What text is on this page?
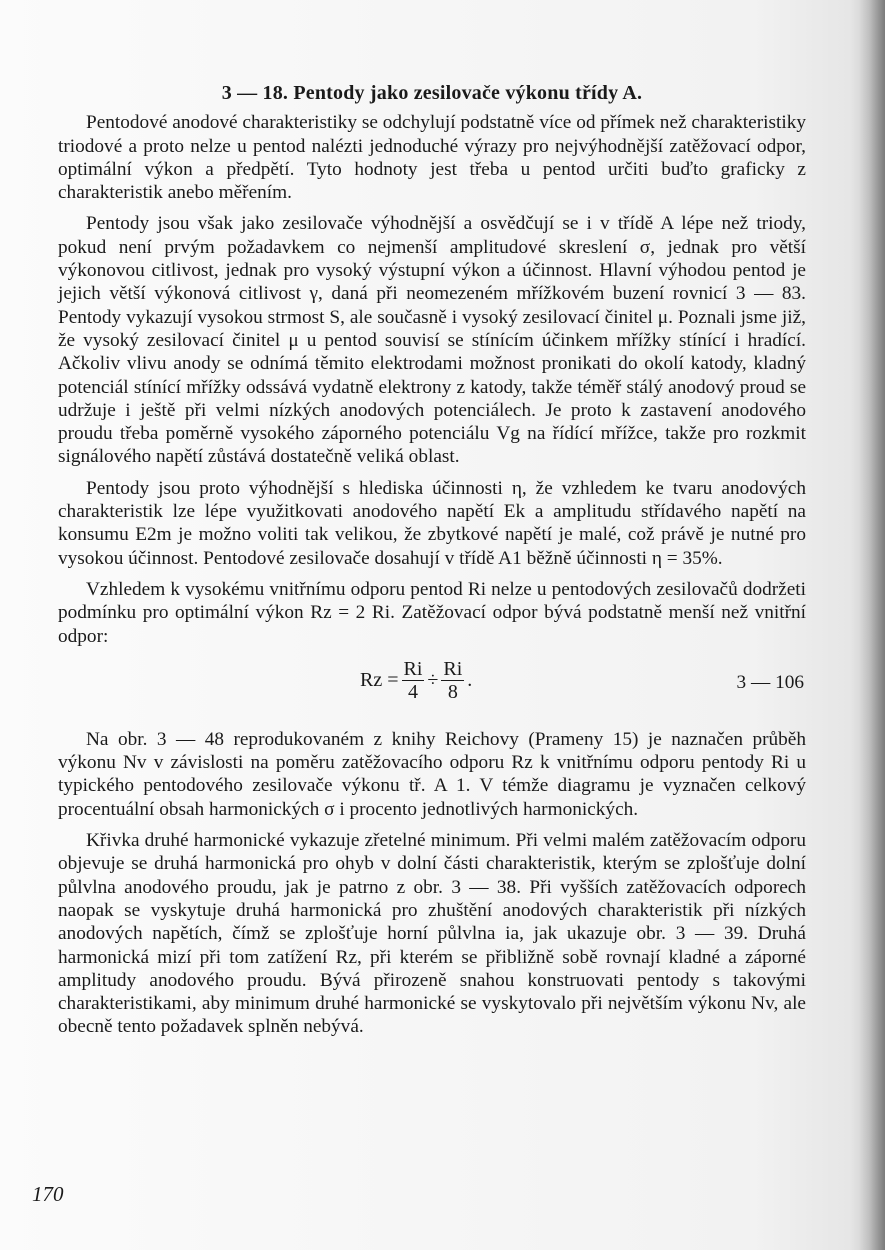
3 — 18. Pentody jako zesilovače výkonu třídy A.

Pentodové anodové charakteristiky se odchylují podstatně více od přímek než charakteristiky triodové a proto nelze u pentod nalézti jednoduché výrazy pro nejvýhodnější zatěžovací odpor, optimální výkon a předpětí. Tyto hodnoty jest třeba u pentod určiti buďto graficky z charakteristik anebo měřením.

Pentody jsou však jako zesilovače výhodnější a osvědčují se i v třídě A lépe než triody, pokud není prvým požadavkem co nejmenší amplitudové skreslení σ, jednak pro větší výkonovou citlivost, jednak pro vysoký výstupní výkon a účinnost. Hlavní výhodou pentod je jejich větší výkonová citlivost γ, daná při neomezeném mřížkovém buzení rovnicí 3 — 83. Pentody vykazují vysokou strmost S, ale současně i vysoký zesilovací činitel μ. Poznali jsme již, že vysoký zesilovací činitel μ u pentod souvisí se stínícím účinkem mřížky stínící i hradící. Ačkoliv vlivu anody se odnímá těmito elektrodami možnost pronikati do okolí katody, kladný potenciál stínící mřížky odssává vydatně elektrony z katody, takže téměř stálý anodový proud se udržuje i ještě při velmi nízkých anodových potenciálech. Je proto k zastavení anodového proudu třeba poměrně vysokého záporného potenciálu Vg na řídící mřížce, takže pro rozkmit signálového napětí zůstává dostatečně veliká oblast.

Pentody jsou proto výhodnější s hlediska účinnosti η, že vzhledem ke tvaru anodových charakteristik lze lépe využitkovati anodového napětí Ek a amplitudu střídavého napětí na konsumu E2m je možno voliti tak velikou, že zbytkové napětí je malé, což právě je nutné pro vysokou účinnost. Pentodové zesilovače dosahují v třídě A1 běžně účinnosti η = 35%.

Vzhledem k vysokému vnitřnímu odporu pentod Ri nelze u pentodových zesilovačů dodržeti podmínku pro optimální výkon Rz = 2 Ri. Zatěžovací odpor bývá podstatně menší než vnitřní odpor:

$Rz = \frac{Ri}{4} \div \frac{Ri}{8}$ .	3 — 106

Na obr. 3 — 48 reprodukovaném z knihy Reichovy (Prameny 15) je naznačen průběh výkonu Nv v závislosti na poměru zatěžovacího odporu Rz k vnitřnímu odporu pentody Ri u typického pentodového zesilovače výkonu tř. A 1. V témže diagramu je vyznačen celkový procentuální obsah harmonických σ i procento jednotlivých harmonických.

Křivka druhé harmonické vykazuje zřetelné minimum. Při velmi malém zatěžovacím odporu objevuje se druhá harmonická pro ohyb v dolní části charakteristik, kterým se zplošťuje dolní půlvlna anodového proudu, jak je patrno z obr. 3 — 38. Při vyšších zatěžovacích odporech naopak se vyskytuje druhá harmonická pro zhuštění anodových charakteristik při nízkých anodových napětích, čímž se zplošťuje horní půlvlna ia, jak ukazuje obr. 3 — 39. Druhá harmonická mizí při tom zatížení Rz, při kterém se přibližně sobě rovnají kladné a záporné amplitudy anodového proudu. Bývá přirozeně snahou konstruovati pentody s takovými charakteristikami, aby minimum druhé harmonické se vyskytovalo při největším výkonu Nv, ale obecně tento požadavek splněn nebývá.

170
